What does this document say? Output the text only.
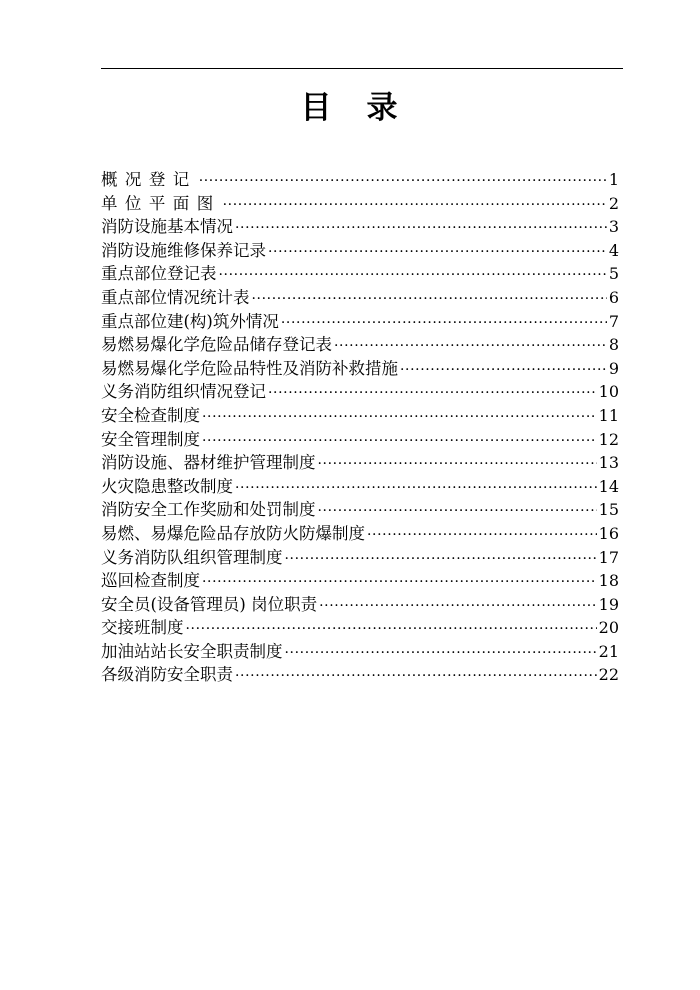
目　录
概况登记 ·····	1
单位平面图 ·····	2
消防设施基本情况 ·····	3
消防设施维修保养记录 ·····	4
重点部位登记表 ·····	5
重点部位情况统计表 ·····	6
重点部位建(构)筑外情况 ·····	7
易燃易爆化学危险品储存登记表 ·····	8
易燃易爆化学危险品特性及消防补救措施 ·····	9
义务消防组织情况登记 ·····	10
安全检查制度 ·····	11
安全管理制度 ·····	12
消防设施、器材维护管理制度 ·····	13
火灾隐患整改制度 ·····	14
消防安全工作奖励和处罚制度 ·····	15
易燃、易爆危险品存放防火防爆制度 ·····	16
义务消防队组织管理制度 ·····	17
巡回检查制度 ·····	18
安全员(设备管理员) 岗位职责 ·····	19
交接班制度 ·····	20
加油站站长安全职责制度 ·····	21
各级消防安全职责 ·····	22
